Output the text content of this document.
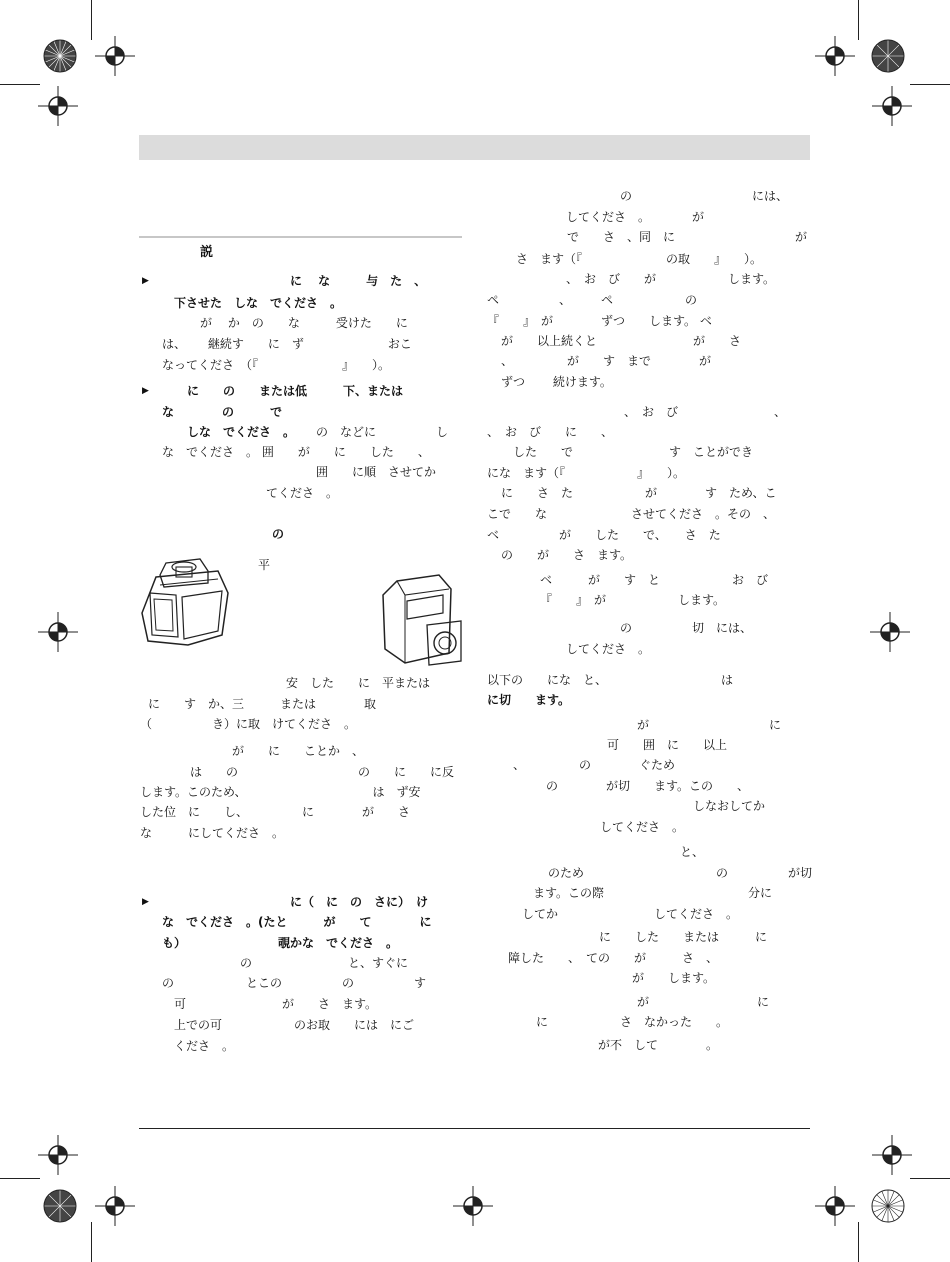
説
▶	に　 な　　　与　た　、
下させた　しな　でくださ　。
が　 か　の　　な　　　受けた　　に
は、　　 継続す　　に　ず　　　　　　　おこ
なってくださ　（『　　　　　　　』　　）。
▶	に　　の　　または低　　　下、または
な　　　　の　　　で
しな　でくださ　。 の　などに　　　　　し
な　でくださ　。 囲　　が　　に　　した　　、
囲　　に順　させてか
てくださ　。
の
平
安　した　　に　平または
に　　す　か、三　　　または　　　　取
（　　　　　き）に取　けてくださ　。
が　　に　　ことか　、
は　　の　　　　　　　　　　の　　に　　に反
します。このため、　　　　　　　　　　　は　ず安
した位　に　　し、　　　　　に　　　　が　　さ
な　　　にしてくださ　。
▶	に（　に　の　さに）　け
な　でくださ　。(たと　　　が　　て　　　　に
も）	覗かな　でくださ　。
の　　　　　　　　と、すぐに
の　　　　　　とこの　　　　　の　　　　　す
可　　　　　　　　が　　さ　ます。
上での可　　　　　　のお取　　には　にご
くださ　。
の　　　　　　　　　　には、
してくださ　。　　　　が
で　　さ　、同　に　　　　　　　　　　が
さ　ます（『　　　　　　　の取　　』　　）。
、　お　び　　が　　　　　　します。
ペ　　　　　、　　　ペ　　　　　　の
『　　』　が　　　　ずつ　　します。 ベ
が　　以上続くと　　　　　　　　が　　さ
、　　　　　が　　す　まで　　　　が
ずつ　　 続けます。
、　お　び　　　　　　　　、
、　お　び　　に　　、
した　　で　　　　　　　　す　ことができ
にな　ます（『　　　　　　』　　）。
に　　さ　た　　　　　　が　　　　す　ため、こ
こで　　な　　　　　　　させてくださ　。その　、
ベ　　　　　が　　した　　で、　　さ　た
の　　が　　さ　ます。
ベ　　　が　　す　と　　　　　　お　び
『　　』　が　　　　　　します。
の　　　　　切　には、
してくださ　。
以下の　　にな　と、　　　　　　　　　　は
に切　　ます。
が　　　　　　　　　　に
可　　囲　に　　以上
、　　　　　の　　　　ぐため
の　　　　が切　　ます。この　　、
しなおしてか
してくださ　。
と、
のため　　　　　　　　　　　の　　　　　が切
ます。この際　　　　　　　　　　　　分に
してか　　　　　　　　してくださ　。
に　　した　　または　　　に
障した　　、　ての　　が　　　さ　、
が　　します。
が　　　　　　　　　に
に　　　　　　さ　なかった　　。
が不　して　　　　。
